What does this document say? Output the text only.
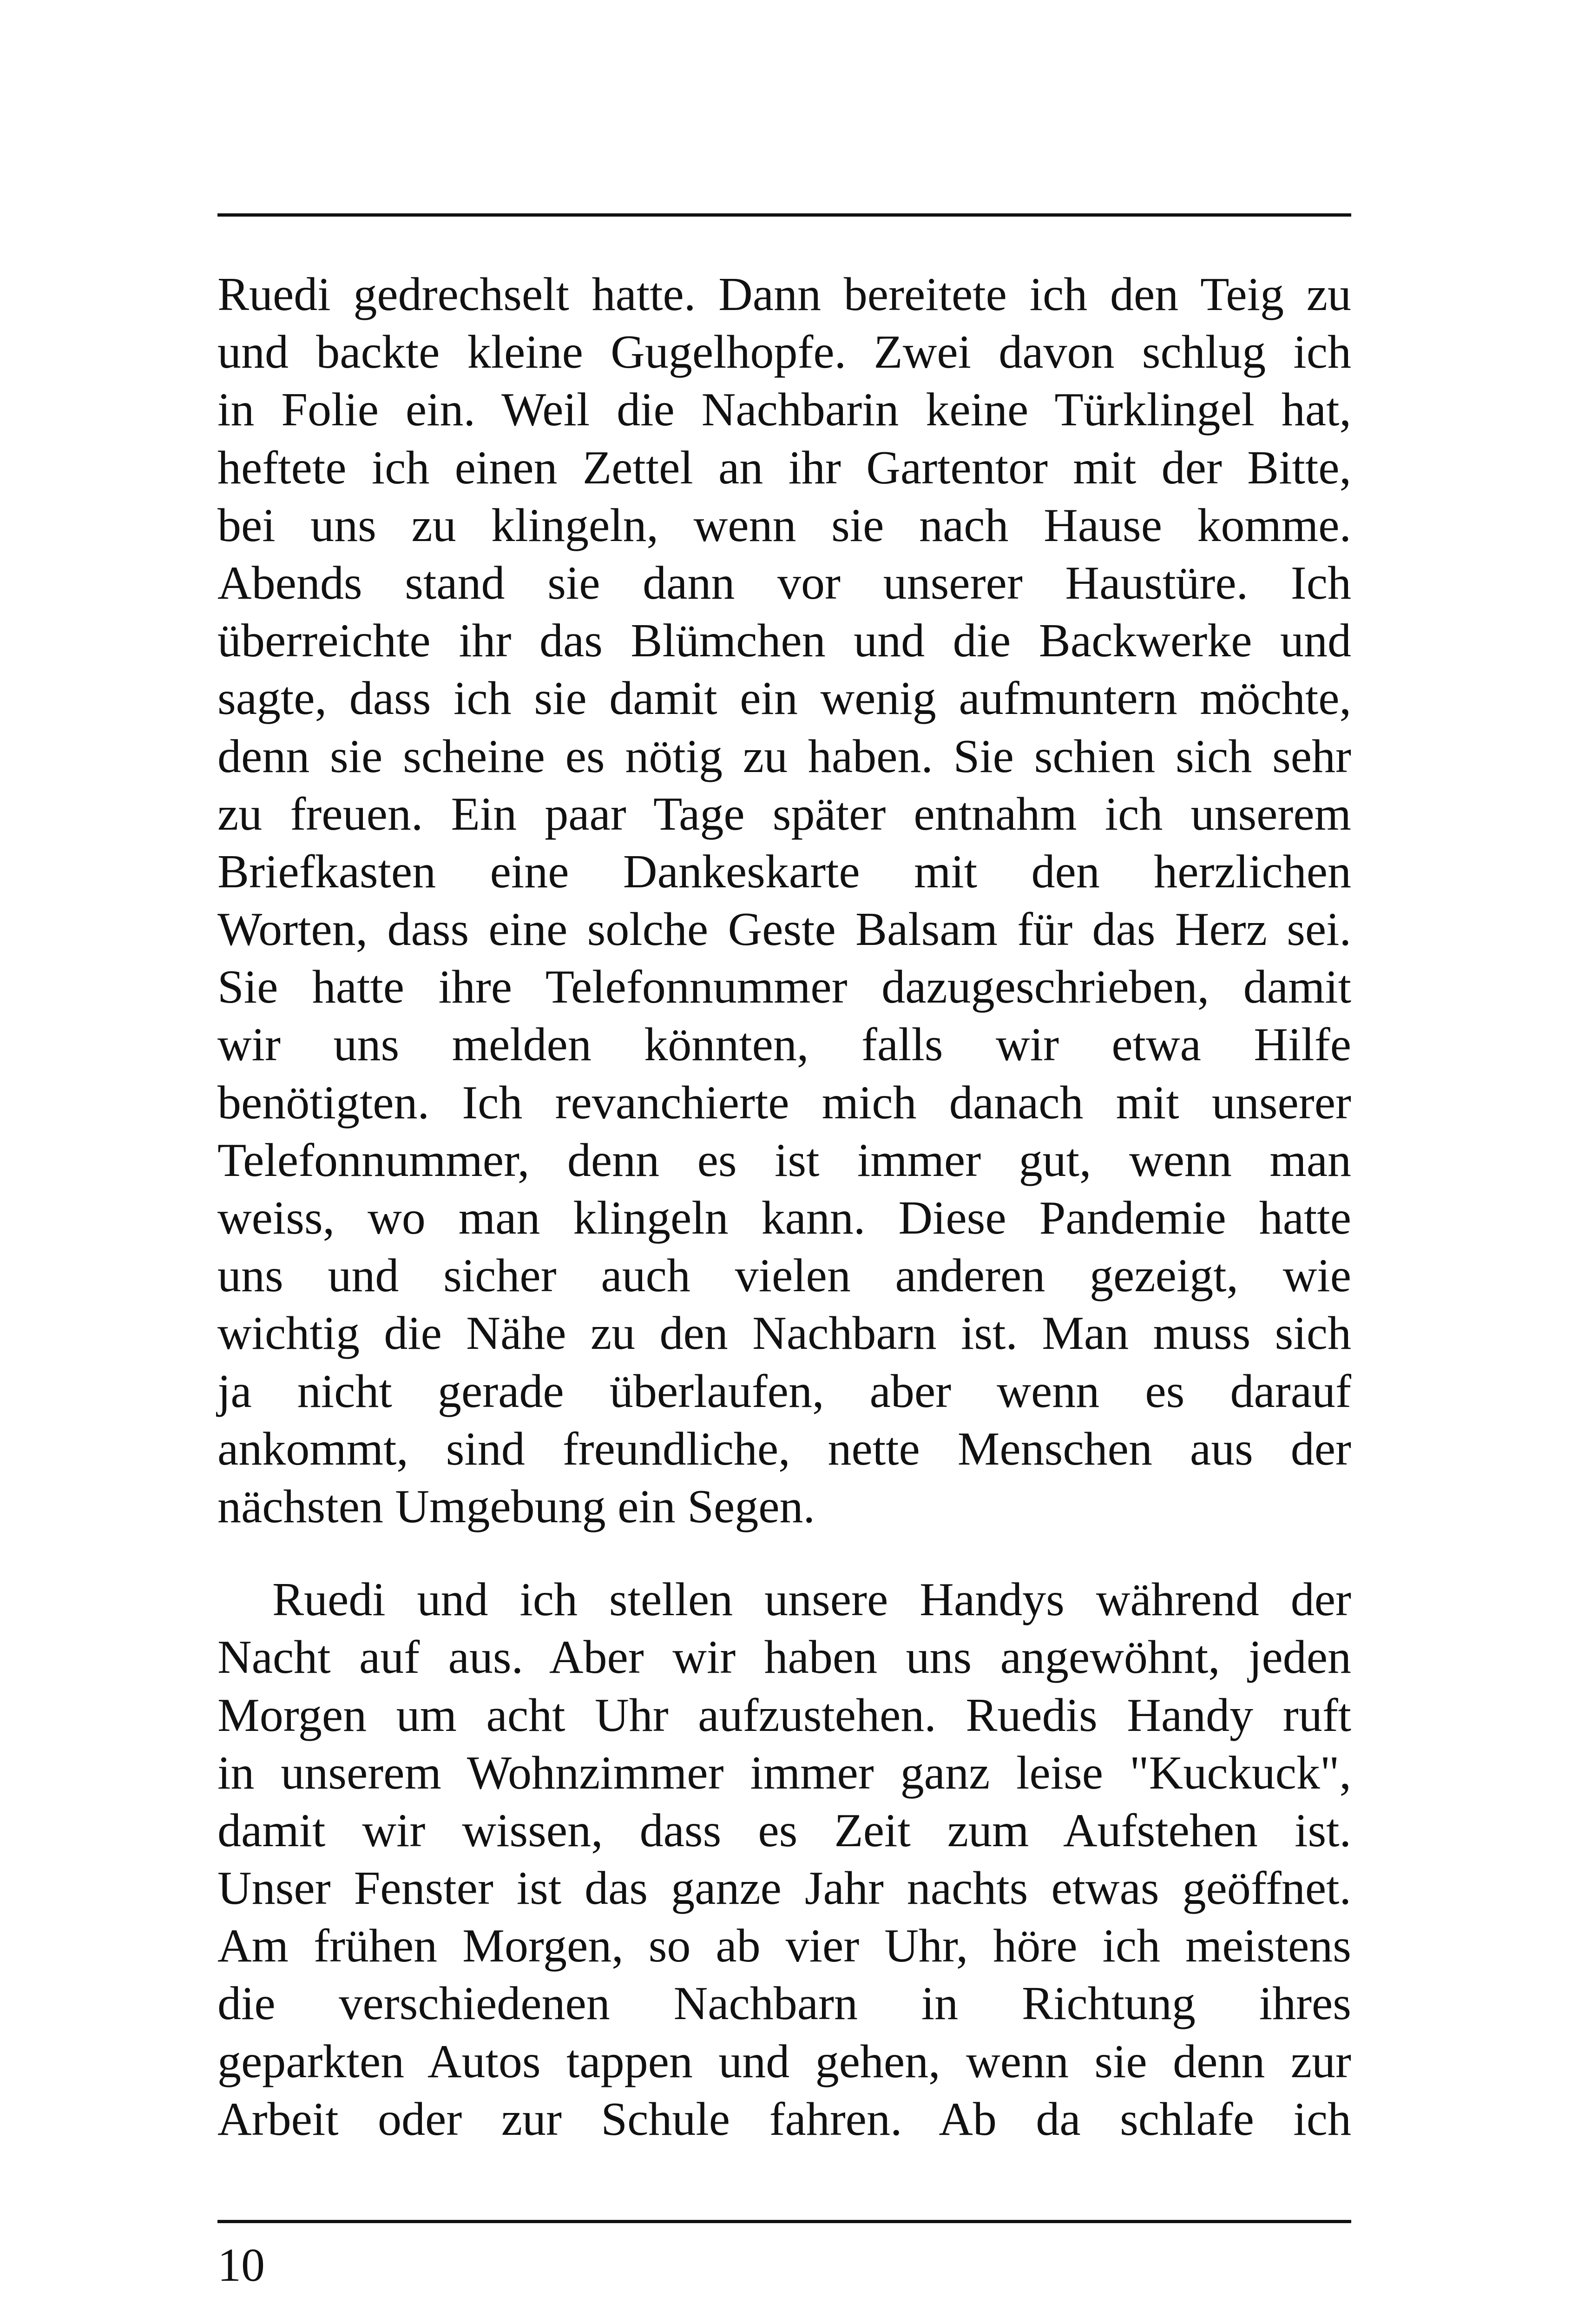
Ruedi gedrechselt hatte. Dann bereitete ich den Teig zu
und backte kleine Gugelhopfe. Zwei davon schlug ich
in Folie ein. Weil die Nachbarin keine Türklingel hat,
heftete ich einen Zettel an ihr Gartentor mit der Bitte,
bei uns zu klingeln, wenn sie nach Hause komme.
Abends stand sie dann vor unserer Haustüre. Ich
überreichte ihr das Blümchen und die Backwerke und
sagte, dass ich sie damit ein wenig aufmuntern möchte,
denn sie scheine es nötig zu haben. Sie schien sich sehr
zu freuen. Ein paar Tage später entnahm ich unserem
Briefkasten eine Dankeskarte mit den herzlichen
Worten, dass eine solche Geste Balsam für das Herz sei.
Sie hatte ihre Telefonnummer dazugeschrieben, damit
wir uns melden könnten, falls wir etwa Hilfe
benötigten. Ich revanchierte mich danach mit unserer
Telefonnummer, denn es ist immer gut, wenn man
weiss, wo man klingeln kann. Diese Pandemie hatte
uns und sicher auch vielen anderen gezeigt, wie
wichtig die Nähe zu den Nachbarn ist. Man muss sich
ja nicht gerade überlaufen, aber wenn es darauf
ankommt, sind freundliche, nette Menschen aus der
nächsten Umgebung ein Segen.
Ruedi und ich stellen unsere Handys während der
Nacht auf aus. Aber wir haben uns angewöhnt, jeden
Morgen um acht Uhr aufzustehen. Ruedis Handy ruft
in unserem Wohnzimmer immer ganz leise "Kuckuck",
damit wir wissen, dass es Zeit zum Aufstehen ist.
Unser Fenster ist das ganze Jahr nachts etwas geöffnet.
Am frühen Morgen, so ab vier Uhr, höre ich meistens
die verschiedenen Nachbarn in Richtung ihres
geparkten Autos tappen und gehen, wenn sie denn zur
Arbeit oder zur Schule fahren. Ab da schlafe ich
10
